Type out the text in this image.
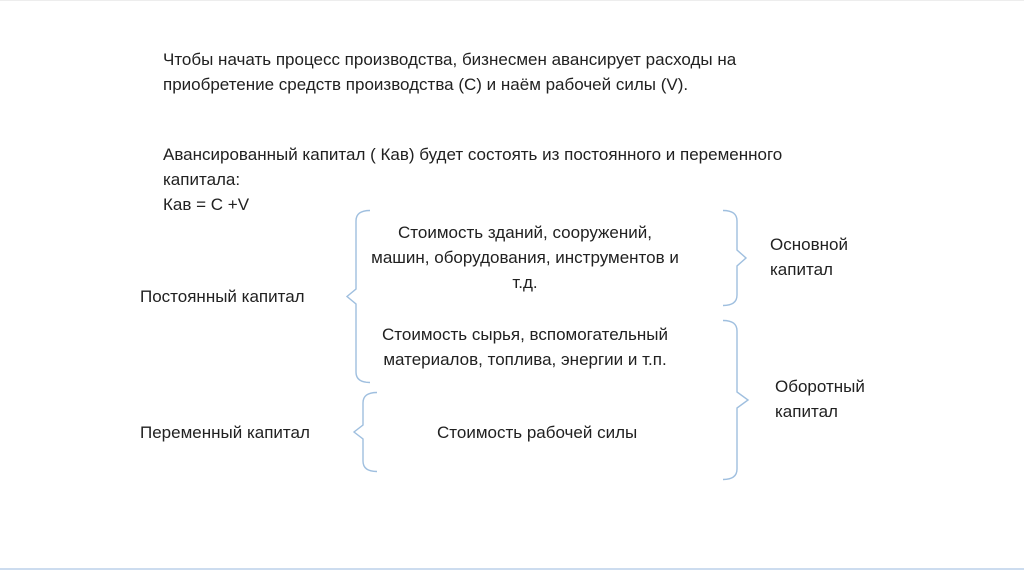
Чтобы начать процесс производства, бизнесмен авансирует расходы на
приобретение средств производства (C) и наём рабочей силы (V).
Авансированный капитал ( Кав) будет состоять из постоянного и переменного
капитала:
Кав = C +V
Постоянный капитал
Переменный капитал
Стоимость зданий, сооружений,
машин, оборудования, инструментов и
т.д.
Стоимость сырья, вспомогательный
материалов, топлива, энергии и т.п.
Стоимость рабочей силы
Основной
капитал
Оборотный
капитал
